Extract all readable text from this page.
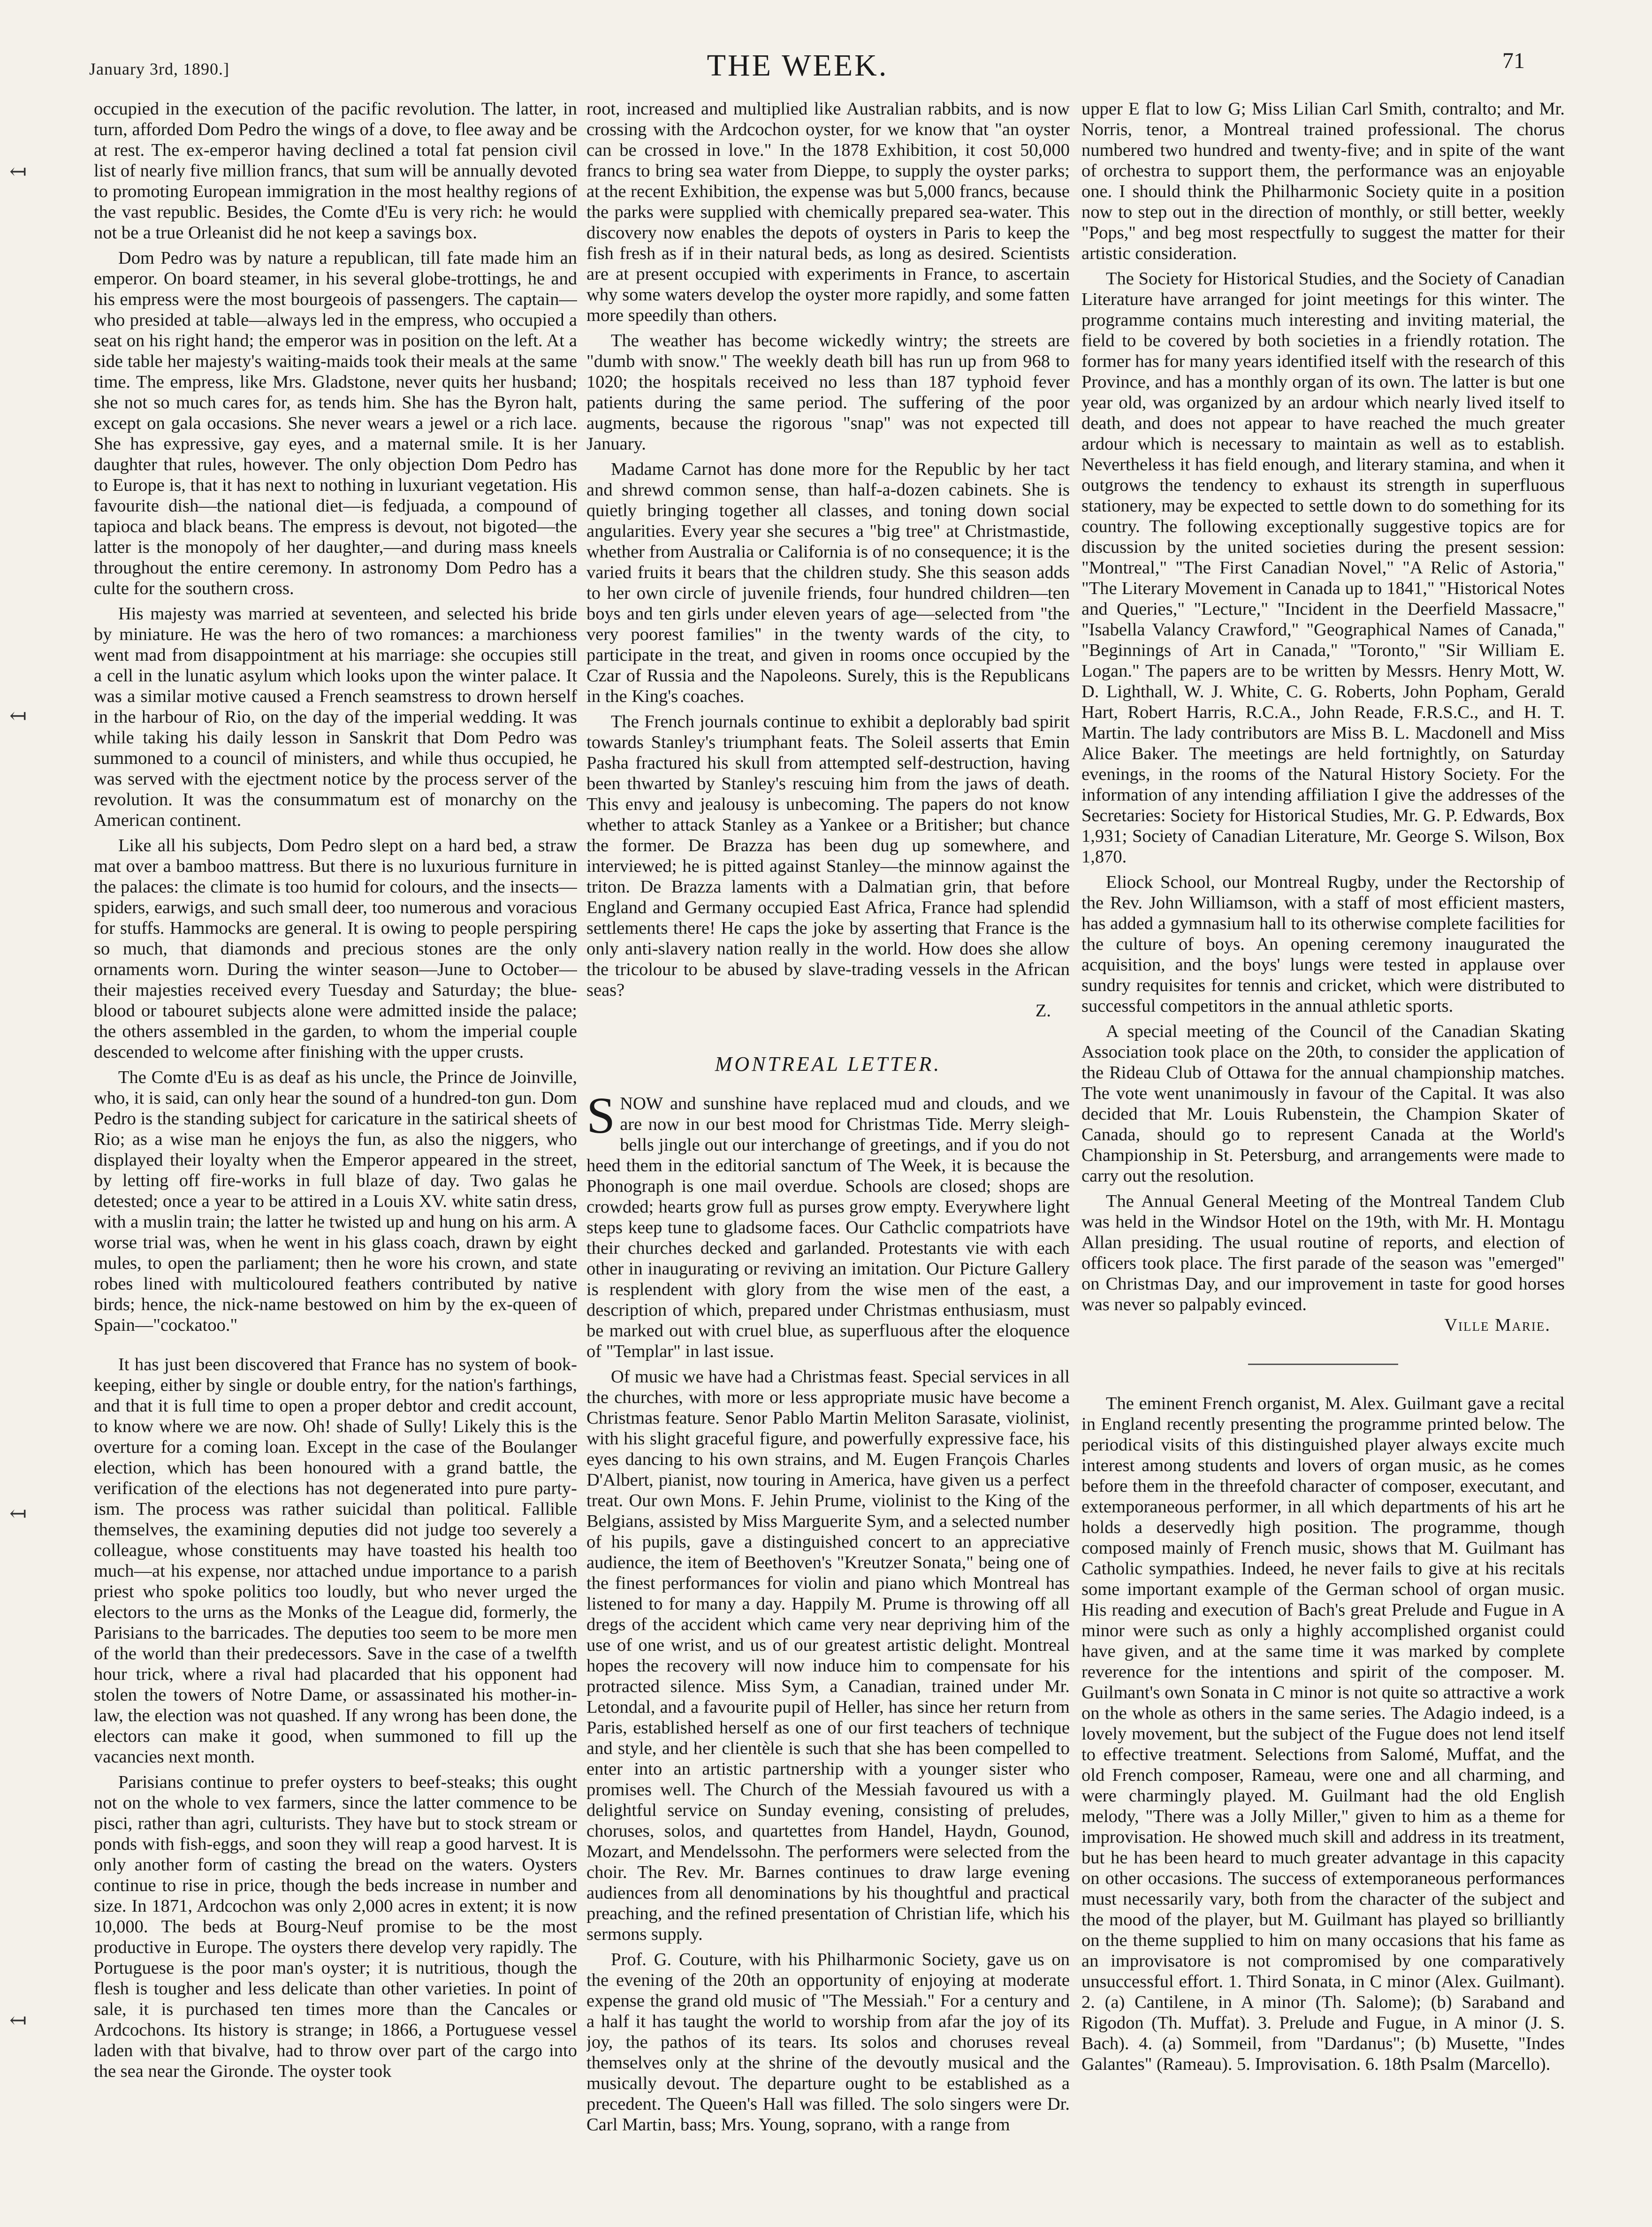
January 3rd, 1890.]	THE WEEK.	71
↤
↤
↤
↤

occupied in the execution of the pacific revolution. The latter, in turn, afforded Dom Pedro the wings of a dove, to flee away and be at rest. The ex-emperor having declined a total fat pension civil list of nearly five million francs, that sum will be annually devoted to promoting European immigration in the most healthy regions of the vast republic. Besides, the Comte d'Eu is very rich: he would not be a true Orleanist did he not keep a savings box.

Dom Pedro was by nature a republican, till fate made him an emperor. On board steamer, in his several globe-trottings, he and his empress were the most bourgeois of passengers. The captain—who presided at table—always led in the empress, who occupied a seat on his right hand; the emperor was in position on the left. At a side table her majesty's waiting-maids took their meals at the same time. The empress, like Mrs. Gladstone, never quits her husband; she not so much cares for, as tends him. She has the Byron halt, except on gala occasions. She never wears a jewel or a rich lace. She has expressive, gay eyes, and a maternal smile. It is her daughter that rules, however. The only objection Dom Pedro has to Europe is, that it has next to nothing in luxuriant vegetation. His favourite dish—the national diet—is fedjuada, a compound of tapioca and black beans. The empress is devout, not bigoted—the latter is the monopoly of her daughter,—and during mass kneels throughout the entire ceremony. In astronomy Dom Pedro has a culte for the southern cross.

His majesty was married at seventeen, and selected his bride by miniature. He was the hero of two romances: a marchioness went mad from disappointment at his marriage: she occupies still a cell in the lunatic asylum which looks upon the winter palace. It was a similar motive caused a French seamstress to drown herself in the harbour of Rio, on the day of the imperial wedding. It was while taking his daily lesson in Sanskrit that Dom Pedro was summoned to a council of ministers, and while thus occupied, he was served with the ejectment notice by the process server of the revolution. It was the consummatum est of monarchy on the American continent.

Like all his subjects, Dom Pedro slept on a hard bed, a straw mat over a bamboo mattress. But there is no luxurious furniture in the palaces: the climate is too humid for colours, and the insects—spiders, earwigs, and such small deer, too numerous and voracious for stuffs. Hammocks are general. It is owing to people perspiring so much, that diamonds and precious stones are the only ornaments worn. During the winter season—June to October—their majesties received every Tuesday and Saturday; the blue-blood or tabouret subjects alone were admitted inside the palace; the others assembled in the garden, to whom the imperial couple descended to welcome after finishing with the upper crusts.

The Comte d'Eu is as deaf as his uncle, the Prince de Joinville, who, it is said, can only hear the sound of a hundred-ton gun. Dom Pedro is the standing subject for caricature in the satirical sheets of Rio; as a wise man he enjoys the fun, as also the niggers, who displayed their loyalty when the Emperor appeared in the street, by letting off fire-works in full blaze of day. Two galas he detested; once a year to be attired in a Louis XV. white satin dress, with a muslin train; the latter he twisted up and hung on his arm. A worse trial was, when he went in his glass coach, drawn by eight mules, to open the parliament; then he wore his crown, and state robes lined with multicoloured feathers contributed by native birds; hence, the nick-name bestowed on him by the ex-queen of Spain—"cockatoo."

It has just been discovered that France has no system of book-keeping, either by single or double entry, for the nation's farthings, and that it is full time to open a proper debtor and credit account, to know where we are now. Oh! shade of Sully! Likely this is the overture for a coming loan. Except in the case of the Boulanger election, which has been honoured with a grand battle, the verification of the elections has not degenerated into pure party-ism. The process was rather suicidal than political. Fallible themselves, the examining deputies did not judge too severely a colleague, whose constituents may have toasted his health too much—at his expense, nor attached undue importance to a parish priest who spoke politics too loudly, but who never urged the electors to the urns as the Monks of the League did, formerly, the Parisians to the barricades. The deputies too seem to be more men of the world than their predecessors. Save in the case of a twelfth hour trick, where a rival had placarded that his opponent had stolen the towers of Notre Dame, or assassinated his mother-in-law, the election was not quashed. If any wrong has been done, the electors can make it good, when summoned to fill up the vacancies next month.

Parisians continue to prefer oysters to beef-steaks; this ought not on the whole to vex farmers, since the latter commence to be pisci, rather than agri, culturists. They have but to stock stream or ponds with fish-eggs, and soon they will reap a good harvest. It is only another form of casting the bread on the waters. Oysters continue to rise in price, though the beds increase in number and size. In 1871, Ardcochon was only 2,000 acres in extent; it is now 10,000. The beds at Bourg-Neuf promise to be the most productive in Europe. The oysters there develop very rapidly. The Portuguese is the poor man's oyster; it is nutritious, though the flesh is tougher and less delicate than other varieties. In point of sale, it is purchased ten times more than the Cancales or Ardcochons. Its history is strange; in 1866, a Portuguese vessel laden with that bivalve, had to throw over part of the cargo into the sea near the Gironde. The oyster took

root, increased and multiplied like Australian rabbits, and is now crossing with the Ardcochon oyster, for we know that "an oyster can be crossed in love." In the 1878 Exhibition, it cost 50,000 francs to bring sea water from Dieppe, to supply the oyster parks; at the recent Exhibition, the expense was but 5,000 francs, because the parks were supplied with chemically prepared sea-water. This discovery now enables the depots of oysters in Paris to keep the fish fresh as if in their natural beds, as long as desired. Scientists are at present occupied with experiments in France, to ascertain why some waters develop the oyster more rapidly, and some fatten more speedily than others.

The weather has become wickedly wintry; the streets are "dumb with snow." The weekly death bill has run up from 968 to 1020; the hospitals received no less than 187 typhoid fever patients during the same period. The suffering of the poor augments, because the rigorous "snap" was not expected till January.

Madame Carnot has done more for the Republic by her tact and shrewd common sense, than half-a-dozen cabinets. She is quietly bringing together all classes, and toning down social angularities. Every year she secures a "big tree" at Christmastide, whether from Australia or California is of no consequence; it is the varied fruits it bears that the children study. She this season adds to her own circle of juvenile friends, four hundred children—ten boys and ten girls under eleven years of age—selected from "the very poorest families" in the twenty wards of the city, to participate in the treat, and given in rooms once occupied by the Czar of Russia and the Napoleons. Surely, this is the Republicans in the King's coaches.

The French journals continue to exhibit a deplorably bad spirit towards Stanley's triumphant feats. The Soleil asserts that Emin Pasha fractured his skull from attempted self-destruction, having been thwarted by Stanley's rescuing him from the jaws of death. This envy and jealousy is unbecoming. The papers do not know whether to attack Stanley as a Yankee or a Britisher; but chance the former. De Brazza has been dug up somewhere, and interviewed; he is pitted against Stanley—the minnow against the triton. De Brazza laments with a Dalmatian grin, that before England and Germany occupied East Africa, France had splendid settlements there! He caps the joke by asserting that France is the only anti-slavery nation really in the world. How does she allow the tricolour to be abused by slave-trading vessels in the African seas?

Z.
MONTREAL LETTER.

SNOW and sunshine have replaced mud and clouds, and we are now in our best mood for Christmas Tide. Merry sleigh-bells jingle out our interchange of greetings, and if you do not heed them in the editorial sanctum of The Week, it is because the Phonograph is one mail overdue. Schools are closed; shops are crowded; hearts grow full as purses grow empty. Everywhere light steps keep tune to gladsome faces. Our Cathclic compatriots have their churches decked and garlanded. Protestants vie with each other in inaugurating or reviving an imitation. Our Picture Gallery is resplendent with glory from the wise men of the east, a description of which, prepared under Christmas enthusiasm, must be marked out with cruel blue, as superfluous after the eloquence of "Templar" in last issue.

Of music we have had a Christmas feast. Special services in all the churches, with more or less appropriate music have become a Christmas feature. Senor Pablo Martin Meliton Sarasate, violinist, with his slight graceful figure, and powerfully expressive face, his eyes dancing to his own strains, and M. Eugen François Charles D'Albert, pianist, now touring in America, have given us a perfect treat. Our own Mons. F. Jehin Prume, violinist to the King of the Belgians, assisted by Miss Marguerite Sym, and a selected number of his pupils, gave a distinguished concert to an appreciative audience, the item of Beethoven's "Kreutzer Sonata," being one of the finest performances for violin and piano which Montreal has listened to for many a day. Happily M. Prume is throwing off all dregs of the accident which came very near depriving him of the use of one wrist, and us of our greatest artistic delight. Montreal hopes the recovery will now induce him to compensate for his protracted silence. Miss Sym, a Canadian, trained under Mr. Letondal, and a favourite pupil of Heller, has since her return from Paris, established herself as one of our first teachers of technique and style, and her clientèle is such that she has been compelled to enter into an artistic partnership with a younger sister who promises well. The Church of the Messiah favoured us with a delightful service on Sunday evening, consisting of preludes, choruses, solos, and quartettes from Handel, Haydn, Gounod, Mozart, and Mendelssohn. The performers were selected from the choir. The Rev. Mr. Barnes continues to draw large evening audiences from all denominations by his thoughtful and practical preaching, and the refined presentation of Christian life, which his sermons supply.

Prof. G. Couture, with his Philharmonic Society, gave us on the evening of the 20th an opportunity of enjoying at moderate expense the grand old music of "The Messiah." For a century and a half it has taught the world to worship from afar the joy of its joy, the pathos of its tears. Its solos and choruses reveal themselves only at the shrine of the devoutly musical and the musically devout. The departure ought to be established as a precedent. The Queen's Hall was filled. The solo singers were Dr. Carl Martin, bass; Mrs. Young, soprano, with a range from

upper E flat to low G; Miss Lilian Carl Smith, contralto; and Mr. Norris, tenor, a Montreal trained professional. The chorus numbered two hundred and twenty-five; and in spite of the want of orchestra to support them, the performance was an enjoyable one. I should think the Philharmonic Society quite in a position now to step out in the direction of monthly, or still better, weekly "Pops," and beg most respectfully to suggest the matter for their artistic consideration.

The Society for Historical Studies, and the Society of Canadian Literature have arranged for joint meetings for this winter. The programme contains much interesting and inviting material, the field to be covered by both societies in a friendly rotation. The former has for many years identified itself with the research of this Province, and has a monthly organ of its own. The latter is but one year old, was organized by an ardour which nearly lived itself to death, and does not appear to have reached the much greater ardour which is necessary to maintain as well as to establish. Nevertheless it has field enough, and literary stamina, and when it outgrows the tendency to exhaust its strength in superfluous stationery, may be expected to settle down to do something for its country. The following exceptionally suggestive topics are for discussion by the united societies during the present session: "Montreal," "The First Canadian Novel," "A Relic of Astoria," "The Literary Movement in Canada up to 1841," "Historical Notes and Queries," "Lecture," "Incident in the Deerfield Massacre," "Isabella Valancy Crawford," "Geographical Names of Canada," "Beginnings of Art in Canada," "Toronto," "Sir William E. Logan." The papers are to be written by Messrs. Henry Mott, W. D. Lighthall, W. J. White, C. G. Roberts, John Popham, Gerald Hart, Robert Harris, R.C.A., John Reade, F.R.S.C., and H. T. Martin. The lady contributors are Miss B. L. Macdonell and Miss Alice Baker. The meetings are held fortnightly, on Saturday evenings, in the rooms of the Natural History Society. For the information of any intending affiliation I give the addresses of the Secretaries: Society for Historical Studies, Mr. G. P. Edwards, Box 1,931; Society of Canadian Literature, Mr. George S. Wilson, Box 1,870.

Eliock School, our Montreal Rugby, under the Rectorship of the Rev. John Williamson, with a staff of most efficient masters, has added a gymnasium hall to its otherwise complete facilities for the culture of boys. An opening ceremony inaugurated the acquisition, and the boys' lungs were tested in applause over sundry requisites for tennis and cricket, which were distributed to successful competitors in the annual athletic sports.

A special meeting of the Council of the Canadian Skating Association took place on the 20th, to consider the application of the Rideau Club of Ottawa for the annual championship matches. The vote went unanimously in favour of the Capital. It was also decided that Mr. Louis Rubenstein, the Champion Skater of Canada, should go to represent Canada at the World's Championship in St. Petersburg, and arrangements were made to carry out the resolution.

The Annual General Meeting of the Montreal Tandem Club was held in the Windsor Hotel on the 19th, with Mr. H. Montagu Allan presiding. The usual routine of reports, and election of officers took place. The first parade of the season was "emerged" on Christmas Day, and our improvement in taste for good horses was never so palpably evinced.

Ville Marie.

The eminent French organist, M. Alex. Guilmant gave a recital in England recently presenting the programme printed below. The periodical visits of this distinguished player always excite much interest among students and lovers of organ music, as he comes before them in the threefold character of composer, executant, and extemporaneous performer, in all which departments of his art he holds a deservedly high position. The programme, though composed mainly of French music, shows that M. Guilmant has Catholic sympathies. Indeed, he never fails to give at his recitals some important example of the German school of organ music. His reading and execution of Bach's great Prelude and Fugue in A minor were such as only a highly accomplished organist could have given, and at the same time it was marked by complete reverence for the intentions and spirit of the composer. M. Guilmant's own Sonata in C minor is not quite so attractive a work on the whole as others in the same series. The Adagio indeed, is a lovely movement, but the subject of the Fugue does not lend itself to effective treatment. Selections from Salomé, Muffat, and the old French composer, Rameau, were one and all charming, and were charmingly played. M. Guilmant had the old English melody, "There was a Jolly Miller," given to him as a theme for improvisation. He showed much skill and address in its treatment, but he has been heard to much greater advantage in this capacity on other occasions. The success of extemporaneous performances must necessarily vary, both from the character of the subject and the mood of the player, but M. Guilmant has played so brilliantly on the theme supplied to him on many occasions that his fame as an improvisatore is not compromised by one comparatively unsuccessful effort. 1. Third Sonata, in C minor (Alex. Guilmant). 2. (a) Cantilene, in A minor (Th. Salome); (b) Saraband and Rigodon (Th. Muffat). 3. Prelude and Fugue, in A minor (J. S. Bach). 4. (a) Sommeil, from "Dardanus"; (b) Musette, "Indes Galantes" (Rameau). 5. Improvisation. 6. 18th Psalm (Marcello).
